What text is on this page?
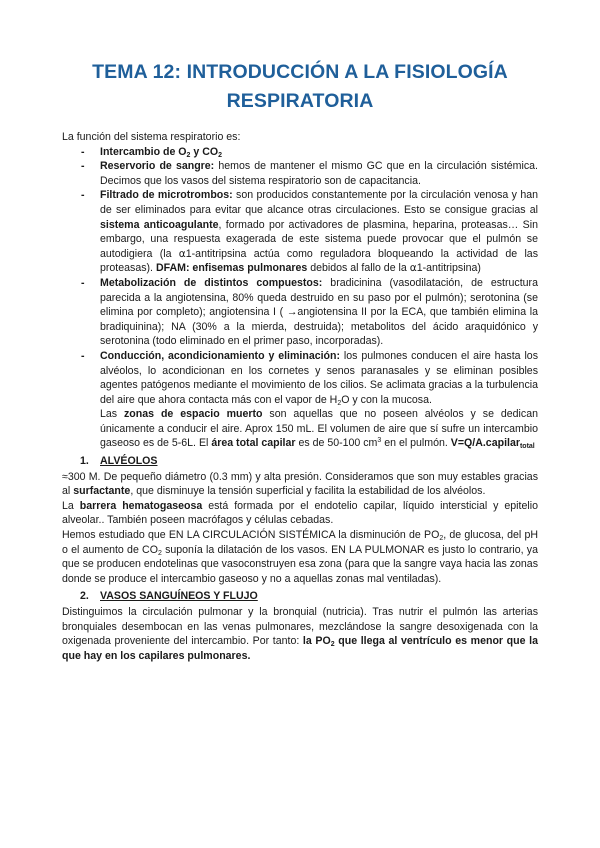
TEMA 12: INTRODUCCIÓN A LA FISIOLOGÍA RESPIRATORIA

La función del sistema respiratorio es:

- Intercambio de $O_2$ y $CO_2$
- Reservorio de sangre: hemos de mantener el mismo GC que en la circulación sistémica. Decimos que los vasos del sistema respiratorio son de capacitancia.
- Filtrado de microtrombos: son producidos constantemente por la circulación venosa y han de ser eliminados para evitar que alcance otras circulaciones. Esto se consigue gracias al sistema anticoagulante, formado por activadores de plasmina, heparina, proteasas… Sin embargo, una respuesta exagerada de este sistema puede provocar que el pulmón se autodigiera (la ⍺1-antitripsina actúa como reguladora bloqueando la actividad de las proteasas). DFAM: enfisemas pulmonares debidos al fallo de la ⍺1-antitripsina)
- Metabolización de distintos compuestos: bradicinina (vasodilatación, de estructura parecida a la angiotensina, 80% queda destruido en su paso por el pulmón); serotonina (se elimina por completo); angiotensina I ( →angiotensina II por la ECA, que también elimina la bradiquinina); NA (30% a la mierda, destruida); metabolitos del ácido araquidónico y serotonina (todo eliminado en el primer paso, incorporadas).
- Conducción, acondicionamiento y eliminación: los pulmones conducen el aire hasta los alvéolos, lo acondicionan en los cornetes y senos paranasales y se eliminan posibles agentes patógenos mediante el movimiento de los cilios. Se aclimata gracias a la turbulencia del aire que ahora contacta más con el vapor de $H_2O$ y con la mucosa.

Las zonas de espacio muerto son aquellas que no poseen alvéolos y se dedican únicamente a conducir el aire. Aprox 150 mL. El volumen de aire que sí sufre un intercambio gaseoso es de 5-6L. El área total capilar es de 50-100 $cm^3$ en el pulmón. V=Q/A.capilar$_{total}$

1. ALVÉOLOS

≈300 M. De pequeño diámetro (0.3 mm) y alta presión. Consideramos que son muy estables gracias al surfactante, que disminuye la tensión superficial y facilita la estabilidad de los alvéolos.

La barrera hematogaseosa está formada por el endotelio capilar, líquido intersticial y epitelio alveolar.. También poseen macrófagos y células cebadas.

Hemos estudiado que EN LA CIRCULACIÓN SISTÉMICA la disminución de $PO_2$, de glucosa, del pH o el aumento de $CO_2$ suponía la dilatación de los vasos. EN LA PULMONAR es justo lo contrario, ya que se producen endotelinas que vasoconstruyen esa zona (para que la sangre vaya hacia las zonas donde se produce el intercambio gaseoso y no a aquellas zonas mal ventiladas).

2. VASOS SANGUÍNEOS Y FLUJO

Distinguimos la circulación pulmonar y la bronquial (nutricia). Tras nutrir el pulmón las arterias bronquiales desembocan en las venas pulmonares, mezclándose la sangre desoxigenada con la oxigenada proveniente del intercambio. Por tanto: la $PO_2$ que llega al ventrículo es menor que la que hay en los capilares pulmonares.
